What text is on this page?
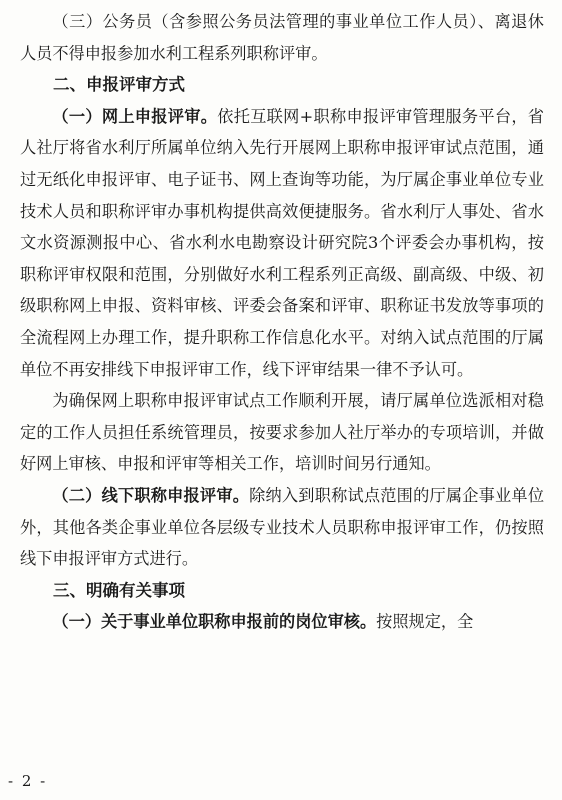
（三）公务员（含参照公务员法管理的事业单位工作人员）、离退休人员不得申报参加水利工程系列职称评审。

二、申报评审方式

（一）网上申报评审。依托互联网+职称申报评审管理服务平台，省人社厅将省水利厅所属单位纳入先行开展网上职称申报评审试点范围，通过无纸化申报评审、电子证书、网上查询等功能，为厅属企事业单位专业技术人员和职称评审办事机构提供高效便捷服务。省水利厅人事处、省水文水资源测报中心、省水利水电勘察设计研究院3个评委会办事机构，按职称评审权限和范围，分别做好水利工程系列正高级、副高级、中级、初级职称网上申报、资料审核、评委会备案和评审、职称证书发放等事项的全流程网上办理工作，提升职称工作信息化水平。对纳入试点范围的厅属单位不再安排线下申报评审工作，线下评审结果一律不予认可。

为确保网上职称申报评审试点工作顺利开展，请厅属单位选派相对稳定的工作人员担任系统管理员，按要求参加人社厅举办的专项培训，并做好网上审核、申报和评审等相关工作，培训时间另行通知。

（二）线下职称申报评审。除纳入到职称试点范围的厅属企事业单位外，其他各类企事业单位各层级专业技术人员职称申报评审工作，仍按照线下申报评审方式进行。

三、明确有关事项

（一）关于事业单位职称申报前的岗位审核。按照规定，全

- 2 -
